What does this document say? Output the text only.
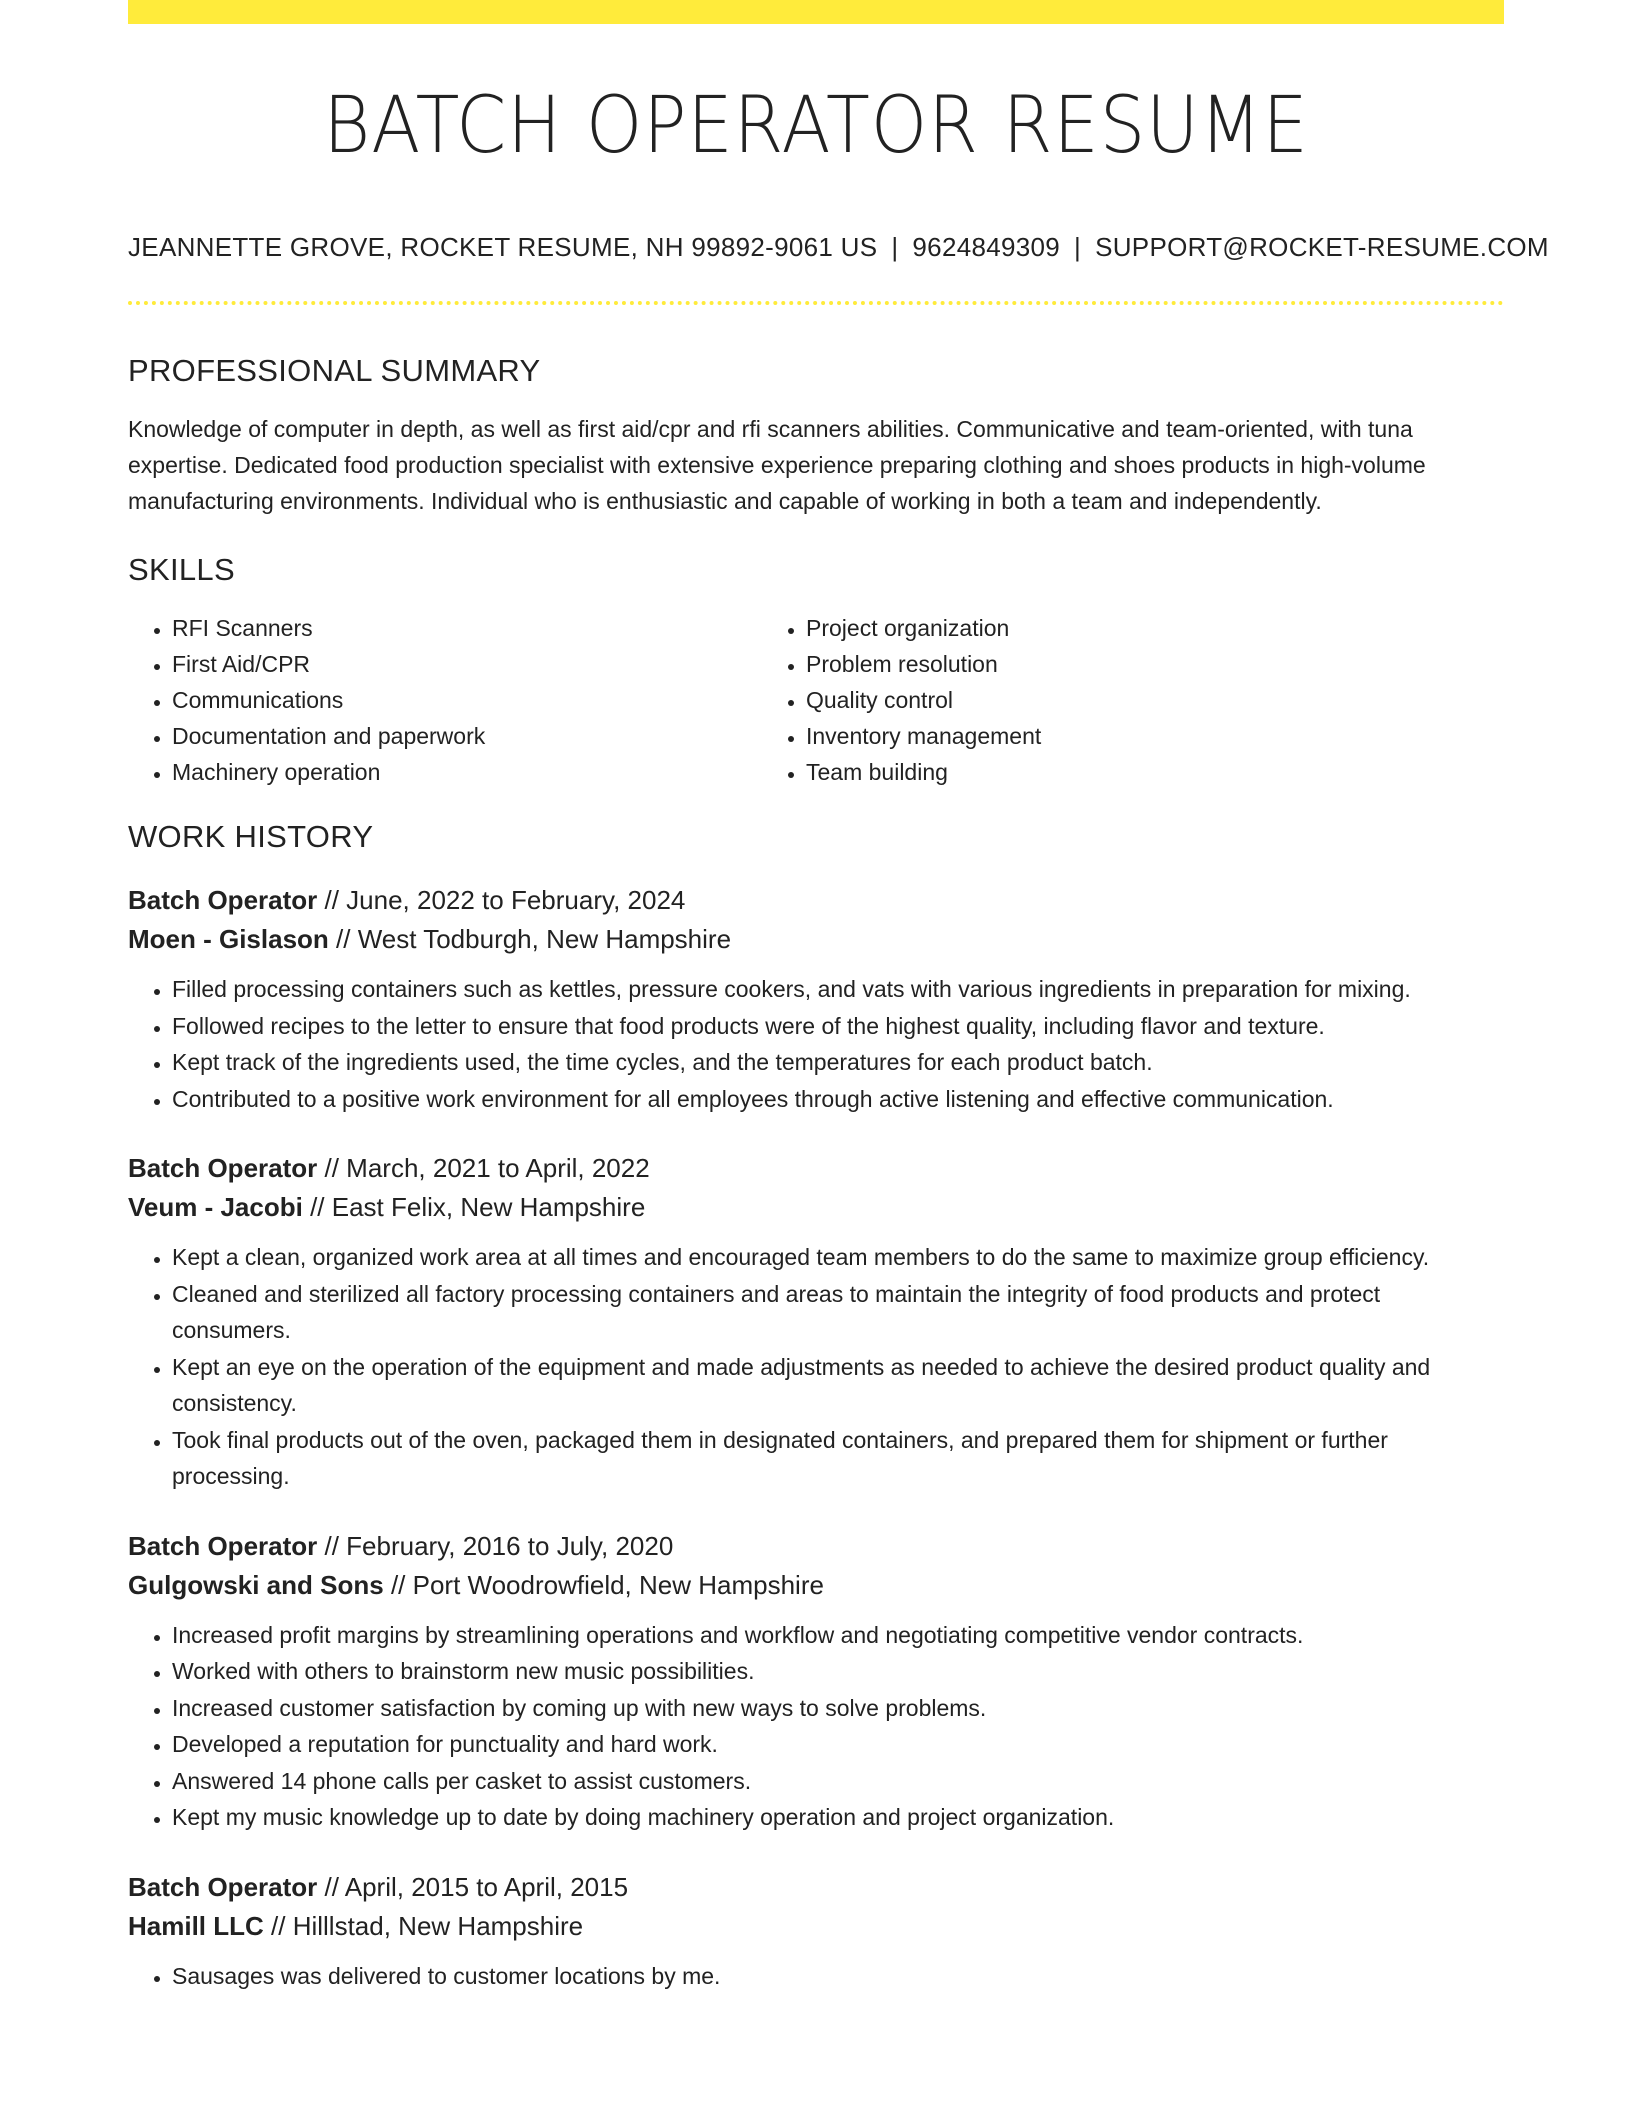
BATCH OPERATOR RESUME
JEANNETTE GROVE, ROCKET RESUME, NH 99892-9061 US | 9624849309 | SUPPORT@ROCKET-RESUME.COM
PROFESSIONAL SUMMARY

Knowledge of computer in depth, as well as first aid/cpr and rfi scanners abilities. Communicative and team-oriented, with tuna expertise. Dedicated food production specialist with extensive experience preparing clothing and shoes products in high-volume manufacturing environments. Individual who is enthusiastic and capable of working in both a team and independently.

SKILLS
• RFI Scanners
• First Aid/CPR
• Communications
• Documentation and paperwork
• Machinery operation
• Project organization
• Problem resolution
• Quality control
• Inventory management
• Team building
WORK HISTORY
Batch Operator // June, 2022 to February, 2024
Moen - Gislason // West Todburgh, New Hampshire
• Filled processing containers such as kettles, pressure cookers, and vats with various ingredients in preparation for mixing.
• Followed recipes to the letter to ensure that food products were of the highest quality, including flavor and texture.
• Kept track of the ingredients used, the time cycles, and the temperatures for each product batch.
• Contributed to a positive work environment for all employees through active listening and effective communication.
Batch Operator // March, 2021 to April, 2022
Veum - Jacobi // East Felix, New Hampshire
• Kept a clean, organized work area at all times and encouraged team members to do the same to maximize group efficiency.
• Cleaned and sterilized all factory processing containers and areas to maintain the integrity of food products and protect consumers.
• Kept an eye on the operation of the equipment and made adjustments as needed to achieve the desired product quality and consistency.
• Took final products out of the oven, packaged them in designated containers, and prepared them for shipment or further processing.
Batch Operator // February, 2016 to July, 2020
Gulgowski and Sons // Port Woodrowfield, New Hampshire
• Increased profit margins by streamlining operations and workflow and negotiating competitive vendor contracts.
• Worked with others to brainstorm new music possibilities.
• Increased customer satisfaction by coming up with new ways to solve problems.
• Developed a reputation for punctuality and hard work.
• Answered 14 phone calls per casket to assist customers.
• Kept my music knowledge up to date by doing machinery operation and project organization.
Batch Operator // April, 2015 to April, 2015
Hamill LLC // Hilllstad, New Hampshire
• Sausages was delivered to customer locations by me.
